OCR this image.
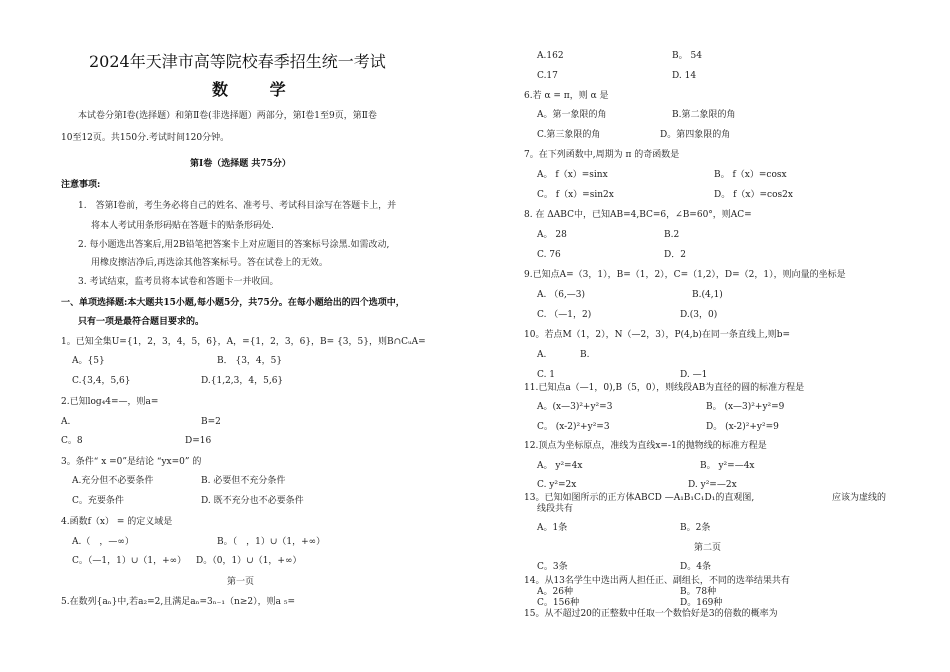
2024年天津市高等院校春季招生统一考试
数 学
本试卷分第Ⅰ卷(选择题）和第Ⅱ卷(非选择题）两部分，第Ⅰ卷1至9页，第Ⅱ卷
10至12页。共150分.考试时间120分钟。
第Ⅰ卷（选择题 共75分）
注意事项:
1.　答第Ⅰ卷前，考生务必将自己的姓名、准考号、考试科目涂写在答题卡上，并
将本人考试用条形码贴在答题卡的贴条形码处.
2. 每小题选出答案后,用2B铅笔把答案卡上对应题目的答案标号涂黑.如需改动,
用橡皮擦洁净后,再选涂其他答案标号。答在试卷上的无效。
3. 考试结束，监考员将本试卷和答题卡一并收回。
一、单项选择题:本大题共15小题,每小题5分，共75分。在每小题给出的四个选项中，
只有一项是最符合题目要求的。
1。已知全集U={1，2，3，4，5，6}，A，={1，2，3，6}，B= {3，5}，则B∩CᵤA=
A。{5}	B． {3，4，5}
C.{3,4，5,6}	D.{1,2,3，4，5,6}
2.已知log₄4=—，则a=
A.	B=2
C。8	D=16
3。条件“ x =0”是结论 “yx=0” 的
A.充分但不必要条件	B. 必要但不充分条件
C。充要条件	D. 既不充分也不必要条件
4.函数f（x） = 的定义域是
A.（　，—∞）	B。（　，1）∪（1，+∞）
C。（—1，1）∪（1，+∞） D。（0，1）∪（1，+∞）
第一页
5.在数列{aₙ}中,若a₂=2,且满足aₙ=3ₙ₋₁（n≥2），则a ₅=
A.162	B。 54
C.17	D. 14
6.若 α = π，则 α 是
A。第一象限的角	B.第二象限的角
C.第三象限的角	D。第四象限的角
7。在下列函数中,周期为 π 的奇函数是
A。 f（x）=sinx	B。 f（x）=cosx
C。 f（x）=sin2x	D。 f（x）=cos2x
8. 在 ΔABC中，已知AB=4,BC=6，∠B=60°，则AC=
A。 28	B.2
C. 76	D．2
9.已知点A=（3，1），B=（1，2），C=（1,2），D=（2，1），则向量的坐标是
A. （6,—3)	B.(4,1)
C. （—1，2)	D.(3，0)
10。若点M（1，2），N（—2，3），P(4,b)在同一条直线上,则b=
A.	B.
C. 1	D. —1
11.已知点a（—1，0),B（5，0），则线段AB为直径的圆的标准方程是
A。(x—3)²+y²=3	B。 (x—3)²+y²=9
C。 (x-2)²+y²=3	D。 (x-2)²+y²=9
12.顶点为坐标原点，准线为直线x=-1的抛物线的标准方程是
A。 y²=4x	B。 y²=—4x
C. y²=2x	D. y²=—2x
13。已知如图所示的正方体ABCD —A₁B₁C₁D₁的直观图,	应该为虚线的
线段共有
A。1条	B。2条
第二页
C。3条	D。4条
14。从13名学生中选出两人担任正、副组长，不同的选举结果共有
A。26种	B。78种
C。156种	D。169种
15。从不超过20的正整数中任取一个数恰好是3的倍数的概率为
